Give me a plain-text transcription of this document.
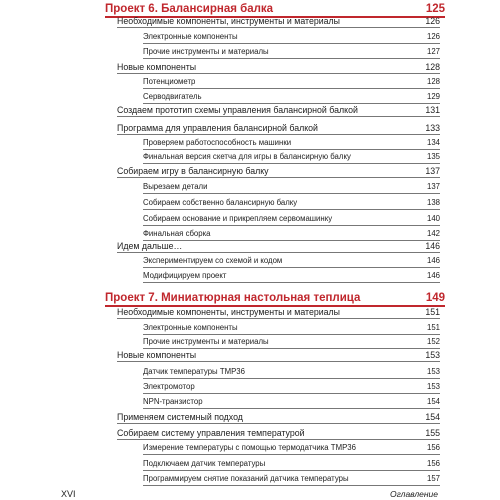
Проект 6. Балансирная балка	125
Необходимые компоненты, инструменты и материалы	126
Электронные компоненты	126
Прочие инструменты и материалы	127
Новые компоненты	128
Потенциометр	128
Серводвигатель	129
Создаем прототип схемы управления балансирной балкой	131
Программа для управления балансирной балкой	133
Проверяем работоспособность машинки	134
Финальная версия скетча для игры в балансирную балку	135
Собираем игру в балансирную балку	137
Вырезаем детали	137
Собираем собственно балансирную балку	138
Собираем основание и прикрепляем сервомашинку	140
Финальная сборка	142
Идем дальше…	146
Экспериментируем со схемой и кодом	146
Модифицируем проект	146
Проект 7. Миниатюрная настольная теплица	149
Необходимые компоненты, инструменты и материалы	151
Электронные компоненты	151
Прочие инструменты и материалы	152
Новые компоненты	153
Датчик температуры TMP36	153
Электромотор	153
NPN-транзистор	154
Применяем системный подход	154
Собираем систему управления температурой	155
Измерение температуры с помощью термодатчика TMP36	156
Подключаем датчик температуры	156
Программируем снятие показаний датчика температуры	157
XVI	Оглавление
